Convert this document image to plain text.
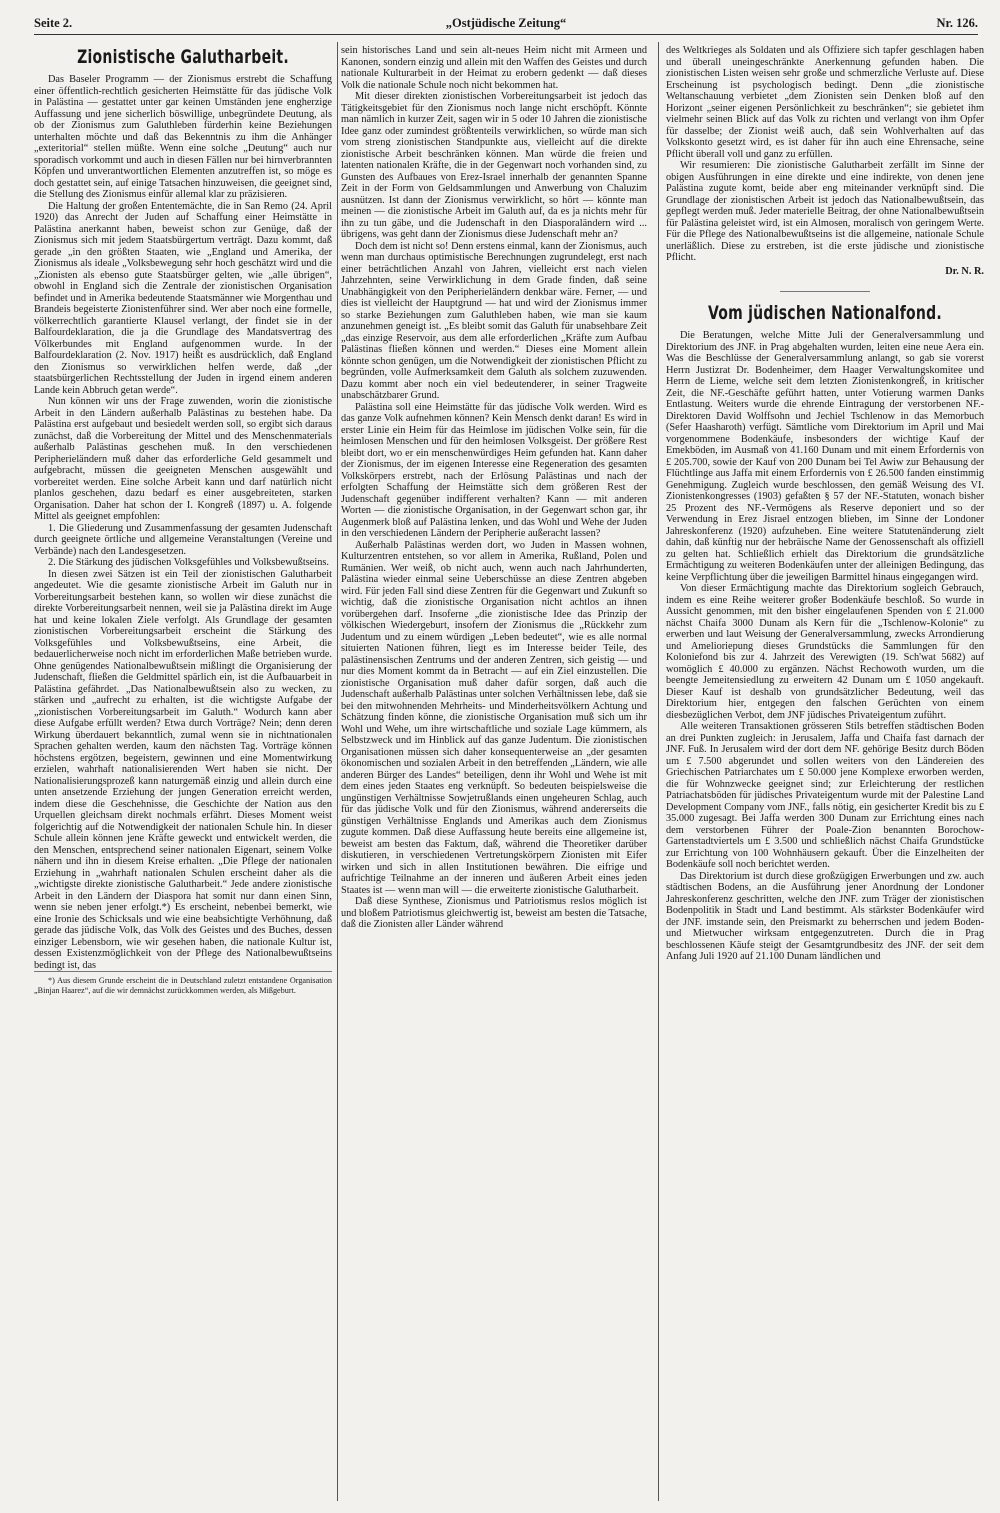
Seite 2.	„Ostjüdische Zeitung“	Nr. 126.
Zionistische Galutharbeit.

Das Baseler Programm — der Zionismus erstrebt die Schaffung einer öffentlich-rechtlich gesicherten Heimstätte für das jüdische Volk in Palästina — gestattet unter gar keinen Umständen jene engherzige Auffassung und jene sicherlich böswillige, unbegründete Deutung, als ob der Zionismus zum Galuthleben fürderhin keine Beziehungen unterhalten möchte und daß das Bekenntnis zu ihm die Anhänger „exteritorial“ stellen müßte. Wenn eine solche „Deutung“ auch nur sporadisch vorkommt und auch in diesen Fällen nur bei hirnverbrannten Köpfen und unverantwortlichen Elementen anzutreffen ist, so möge es doch gestattet sein, auf einige Tatsachen hinzuweisen, die geeignet sind, die Stellung des Zionismus einfür allemal klar zu präzisieren.

Die Haltung der großen Ententemächte, die in San Remo (24. April 1920) das Anrecht der Juden auf Schaffung einer Heimstätte in Palästina anerkannt haben, beweist schon zur Genüge, daß der Zionismus sich mit jedem Staatsbürgertum verträgt. Dazu kommt, daß gerade „in den größten Staaten, wie „England und Amerika, der Zionismus als ideale „Volksbewegung sehr hoch geschätzt wird und die „Zionisten als ebenso gute Staatsbürger gelten, wie „alle übrigen“, obwohl in England sich die Zentrale der zionistischen Organisation befindet und in Amerika bedeutende Staatsmänner wie Morgenthau und Brandeis begeisterte Zionistenführer sind. Wer aber noch eine formelle, völkerrechtlich garantierte Klausel verlangt, der findet sie in der Balfourdeklaration, die ja die Grundlage des Mandatsvertrag des Völkerbundes mit England aufgenommen wurde. In der Balfourdeklaration (2. Nov. 1917) heißt es ausdrücklich, daß England den Zionismus so verwirklichen helfen werde, daß „der staatsbürgerlichen Rechtsstellung der Juden in irgend einem anderen Lande kein Abbruch getan werde“.

Nun können wir uns der Frage zuwenden, worin die zionistische Arbeit in den Ländern außerhalb Palästinas zu bestehen habe. Da Palästina erst aufgebaut und besiedelt werden soll, so ergibt sich daraus zunächst, daß die Vorbereitung der Mittel und des Menschenmaterials außerhalb Palästinas geschehen muß. In den verschiedenen Peripherieländern muß daher das erforderliche Geld gesammelt und aufgebracht, müssen die geeigneten Menschen ausgewählt und vorbereitet werden. Eine solche Arbeit kann und darf natürlich nicht planlos geschehen, dazu bedarf es einer ausgebreiteten, starken Organisation. Daher hat schon der I. Kongreß (1897) u. A. folgende Mittel als geeignet empfohlen:

1. Die Gliederung und Zusammenfassung der gesamten Judenschaft durch geeignete örtliche und allgemeine Veranstaltungen (Vereine und Verbände) nach den Landesgesetzen.

2. Die Stärkung des jüdischen Volksgefühles und Volksbewußtseins.

In diesen zwei Sätzen ist ein Teil der zionistischen Galutharbeit angedeutet. Wie die gesamte zionistische Arbeit im Galuth nur in Vorbereitungsarbeit bestehen kann, so wollen wir diese zunächst die direkte Vorbereitungsarbeit nennen, weil sie ja Palästina direkt im Auge hat und keine lokalen Ziele verfolgt. Als Grundlage der gesamten zionistischen Vorbereitungsarbeit erscheint die Stärkung des Volksgefühles und Volksbewußtseins, eine Arbeit, die bedauerlicherweise noch nicht im erforderlichen Maße betrieben wurde. Ohne genügendes Nationalbewußtsein mißlingt die Organisierung der Judenschaft, fließen die Geldmittel spärlich ein, ist die Aufbauarbeit in Palästina gefährdet. „Das Nationalbewußtsein also zu wecken, zu stärken und „aufrecht zu erhalten, ist die wichtigste Aufgabe der „zionistischen Vorbereitungsarbeit im Galuth.“ Wodurch kann aber diese Aufgabe erfüllt werden? Etwa durch Vorträge? Nein; denn deren Wirkung überdauert bekanntlich, zumal wenn sie in nichtnationalen Sprachen gehalten werden, kaum den nächsten Tag. Vorträge können höchstens ergötzen, begeistern, gewinnen und eine Momentwirkung erzielen, wahrhaft nationalisierenden Wert haben sie nicht. Der Nationalisierungsprozeß kann naturgemäß einzig und allein durch eine unten ansetzende Erziehung der jungen Generation erreicht werden, indem diese die Geschehnisse, die Geschichte der Nation aus den Urquellen gleichsam direkt nochmals erfährt. Dieses Moment weist folgerichtig auf die Notwendigkeit der nationalen Schule hin. In dieser Schule allein können jene Kräfte geweckt und entwickelt werden, die den Menschen, entsprechend seiner nationalen Eigenart, seinem Volke nähern und ihn in diesem Kreise erhalten. „Die Pflege der nationalen Erziehung in „wahrhaft nationalen Schulen erscheint daher als die „wichtigste direkte zionistische Galutharbeit.“ Jede andere zionistische Arbeit in den Ländern der Diaspora hat somit nur dann einen Sinn, wenn sie neben jener erfolgt.*) Es erscheint, nebenbei bemerkt, wie eine Ironie des Schicksals und wie eine beabsichtigte Verhöhnung, daß gerade das jüdische Volk, das Volk des Geistes und des Buches, dessen einziger Lebensborn, wie wir gesehen haben, die nationale Kultur ist, dessen Existenzmöglichkeit von der Pflege des Nationalbewußtseins bedingt ist, das

*) Aus diesem Grunde erscheint die in Deutschland zuletzt entstandene Organisation „Binjan Haarez“, auf die wir demnächst zurückkommen werden, als Mißgeburt.

sein historisches Land und sein alt-neues Heim nicht mit Armeen und Kanonen, sondern einzig und allein mit den Waffen des Geistes und durch nationale Kulturarbeit in der Heimat zu erobern gedenkt — daß dieses Volk die nationale Schule noch nicht bekommen hat.

Mit dieser direkten zionistischen Vorbereitungsarbeit ist jedoch das Tätigkeitsgebiet für den Zionismus noch lange nicht erschöpft. Könnte man nämlich in kurzer Zeit, sagen wir in 5 oder 10 Jahren die zionistische Idee ganz oder zumindest größtenteils verwirklichen, so würde man sich vom streng zionistischen Standpunkte aus, vielleicht auf die direkte zionistische Arbeit beschränken können. Man würde die freien und latenten nationalen Kräfte, die in der Gegenwart noch vorhanden sind, zu Gunsten des Aufbaues von Erez-Israel innerhalb der genannten Spanne Zeit in der Form von Geldsammlungen und Anwerbung von Chaluzim ausnützen. Ist dann der Zionismus verwirklicht, so hört — könnte man meinen — die zionistische Arbeit im Galuth auf, da es ja nichts mehr für ihn zu tun gäbe, und die Judenschaft in den Diasporaländern wird ... übrigens, was geht dann der Zionismus diese Judenschaft mehr an?

Doch dem ist nicht so! Denn erstens einmal, kann der Zionismus, auch wenn man durchaus optimistische Berechnungen zugrundelegt, erst nach einer beträchtlichen Anzahl von Jahren, vielleicht erst nach vielen Jahrzehnten, seine Verwirklichung in dem Grade finden, daß seine Unabhängigkeit von den Peripherieländern denkbar wäre. Ferner, — und dies ist vielleicht der Hauptgrund — hat und wird der Zionismus immer so starke Beziehungen zum Galuthleben haben, wie man sie kaum anzunehmen geneigt ist. „Es bleibt somit das Galuth für unabsehbare Zeit „das einzige Reservoir, aus dem alle erforderlichen „Kräfte zum Aufbau Palästinas fließen können und werden.“ Dieses eine Moment allein könnte schon genügen, um die Notwendigkeit der zionistischen Pflicht zu begründen, volle Aufmerksamkeit dem Galuth als solchem zuzuwenden. Dazu kommt aber noch ein viel bedeutenderer, in seiner Tragweite unabschätzbarer Grund.

Palästina soll eine Heimstätte für das jüdische Volk werden. Wird es das ganze Volk aufnehmen können? Kein Mensch denkt daran! Es wird in erster Linie ein Heim für das Heimlose im jüdischen Volke sein, für die heimlosen Menschen und für den heimlosen Volksgeist. Der größere Rest bleibt dort, wo er ein menschenwürdiges Heim gefunden hat. Kann daher der Zionismus, der im eigenen Interesse eine Regeneration des gesamten Volkskörpers erstrebt, nach der Erlösung Palästinas und nach der erfolgten Schaffung der Heimstätte sich dem größeren Rest der Judenschaft gegenüber indifferent verhalten? Kann — mit anderen Worten — die zionistische Organisation, in der Gegenwart schon gar, ihr Augenmerk bloß auf Palästina lenken, und das Wohl und Wehe der Juden in den verschiedenen Ländern der Peripherie außeracht lassen?

Außerhalb Palästinas werden dort, wo Juden in Massen wohnen, Kulturzentren entstehen, so vor allem in Amerika, Rußland, Polen und Rumänien. Wer weiß, ob nicht auch, wenn auch nach Jahrhunderten, Palästina wieder einmal seine Ueberschüsse an diese Zentren abgeben wird. Für jeden Fall sind diese Zentren für die Gegenwart und Zukunft so wichtig, daß die zionistische Organisation nicht achtlos an ihnen vorübergehen darf. Insoferne „die zionistische Idee das Prinzip der völkischen Wiedergeburt, insofern der Zionismus die „Rückkehr zum Judentum und zu einem würdigen „Leben bedeutet“, wie es alle normal situierten Nationen führen, liegt es im Interesse beider Teile, des palästinensischen Zentrums und der anderen Zentren, sich geistig — und nur dies Moment kommt da in Betracht — auf ein Ziel einzustellen. Die zionistische Organisation muß daher dafür sorgen, daß auch die Judenschaft außerhalb Palästinas unter solchen Verhältnissen lebe, daß sie bei den mitwohnenden Mehrheits- und Minderheitsvölkern Achtung und Schätzung finden könne, die zionistische Organisation muß sich um ihr Wohl und Wehe, um ihre wirtschaftliche und soziale Lage kümmern, als Selbstzweck und im Hinblick auf das ganze Judentum. Die zionistischen Organisationen müssen sich daher konsequenterweise an „der gesamten ökonomischen und sozialen Arbeit in den betreffenden „Ländern, wie alle anderen Bürger des Landes“ beteiligen, denn ihr Wohl und Wehe ist mit dem eines jeden Staates eng verknüpft. So bedeuten beispielsweise die ungünstigen Verhältnisse Sowjetrußlands einen ungeheuren Schlag, auch für das jüdische Volk und für den Zionismus, während andererseits die günstigen Verhältnisse Englands und Amerikas auch dem Zionismus zugute kommen. Daß diese Auffassung heute bereits eine allgemeine ist, beweist am besten das Faktum, daß, während die Theoretiker darüber diskutieren, in verschiedenen Vertretungskörpern Zionisten mit Eifer wirken und sich in allen Institutionen bewähren. Die eifrige und aufrichtige Teilnahme an der inneren und äußeren Arbeit eines jeden Staates ist — wenn man will — die erweiterte zionistische Galutharbeit.

Daß diese Synthese, Zionismus und Patriotismus reslos möglich ist und bloßem Patriotismus gleichwertig ist, beweist am besten die Tatsache, daß die Zionisten aller Länder während

des Weltkrieges als Soldaten und als Offiziere sich tapfer geschlagen haben und überall uneingeschränkte Anerkennung gefunden haben. Die zionistischen Listen weisen sehr große und schmerzliche Verluste auf. Diese Erscheinung ist psychologisch bedingt. Denn „die zionistische Weltanschauung verbietet „dem Zionisten sein Denken bloß auf den Horizont „seiner eigenen Persönlichkeit zu beschränken“; sie gebietet ihm vielmehr seinen Blick auf das Volk zu richten und verlangt von ihm Opfer für dasselbe; der Zionist weiß auch, daß sein Wohlverhalten auf das Volkskonto gesetzt wird, es ist daher für ihn auch eine Ehrensache, seine Pflicht überall voll und ganz zu erfüllen.

Wir resumieren: Die zionistische Galutharbeit zerfällt im Sinne der obigen Ausführungen in eine direkte und eine indirekte, von denen jene Palästina zugute komt, beide aber eng miteinander verknüpft sind. Die Grundlage der zionistischen Arbeit ist jedoch das Nationalbewußtsein, das gepflegt werden muß. Jeder materielle Beitrag, der ohne Nationalbewußtsein für Palästina geleistet wird, ist ein Almosen, moralisch von geringem Werte. Für die Pflege des Nationalbewußtseins ist die allgemeine, nationale Schule unerläßlich. Diese zu erstreben, ist die erste jüdische und zionistische Pflicht.

Dr. N. R.
Vom jüdischen Nationalfond.

Die Beratungen, welche Mitte Juli der Generalversammlung und Direktorium des JNF. in Prag abgehalten wurden, leiten eine neue Aera ein. Was die Beschlüsse der Generalversammlung anlangt, so gab sie vorerst Herrn Justizrat Dr. Bodenheimer, dem Haager Verwaltungskomitee und Herrn de Lieme, welche seit dem letzten Zionistenkongreß, in kritischer Zeit, die NF.-Geschäfte geführt hatten, unter Votierung warmen Danks Entlastung. Weiters wurde die ehrende Eintragung der verstorbenen NF.-Direktoren David Wolffsohn und Jechiel Tschlenow in das Memorbuch (Sefer Haasharoth) verfügt. Sämtliche vom Direktorium im April und Mai vorgenommene Bodenkäufe, insbesonders der wichtige Kauf der Emekböden, im Ausmaß von 41.160 Dunam und mit einem Erfordernis von £ 205.700, sowie der Kauf von 200 Dunam bei Tel Awiw zur Behausung der Flüchtlinge aus Jaffa mit einem Erfordernis von £ 26.500 fanden einstimmig Genehmigung. Zugleich wurde beschlossen, den gemäß Weisung des VI. Zionistenkongresses (1903) gefaßten § 57 der NF.-Statuten, wonach bisher 25 Prozent des NF.-Vermögens als Reserve deponiert und so der Verwendung in Erez Jisrael entzogen blieben, im Sinne der Londoner Jahreskonferenz (1920) aufzuheben. Eine weitere Statutenänderung zielt dahin, daß künftig nur der hebräische Name der Genossenschaft als offiziell zu gelten hat. Schließlich erhielt das Direktorium die grundsätzliche Ermächtigung zu weiteren Bodenkäufen unter der alleinigen Bedingung, das keine Verpflichtung über die jeweiligen Barmittel hinaus eingegangen wird.

Von dieser Ermächtigung machte das Direktorium sogleich Gebrauch, indem es eine Reihe weiterer großer Bodenkäufe beschloß. So wurde in Aussicht genommen, mit den bisher eingelaufenen Spenden von £ 21.000 nächst Chaifa 3000 Dunam als Kern für die „Tschlenow-Kolonie“ zu erwerben und laut Weisung der Generalversammlung, zwecks Arrondierung und Amelioriерung dieses Grundstücks die Sammlungen für den Koloniefond bis zur 4. Jahrzeit des Verewigten (19. Sch'wat 5682) auf womöglich £ 40.000 zu ergänzen. Nächst Rechowoth wurden, um die beengte Jemeitensiedlung zu erweitern 42 Dunam um £ 1050 angekauft. Dieser Kauf ist deshalb von grundsätzlicher Bedeutung, weil das Direktorium hier, entgegen den falschen Gerüchten von einem diesbezüglichen Verbot, dem JNF jüdisches Privateigentum zuführt.

Alle weiteren Transaktionen grösseren Stils betreffen städtischen Boden an drei Punkten zugleich: in Jerusalem, Jaffa und Chaifa fast darnach der JNF. Fuß. In Jerusalem wird der dort dem NF. gehörige Besitz durch Böden um £ 7.500 abgerundet und sollen weiters von den Ländereien des Griechischen Patriarchates um £ 50.000 jene Komplexe erworben werden, die für Wohnzwecke geeignet sind; zur Erleichterung der restlichen Patriachatsböden für jüdisches Privateigentum wurde mit der Palestine Land Development Company vom JNF., falls nötig, ein gesicherter Kredit bis zu £ 35.000 zugesagt. Bei Jaffa werden 300 Dunam zur Errichtung eines nach dem verstorbenen Führer der Poale-Zion benannten Borochow-Gartenstadtviertels um £ 3.500 und schließlich nächst Chaifa Grundstücke zur Errichtung von 100 Wohnhäusern gekauft. Über die Einzelheiten der Bodenkäufe soll noch berichtet werden.

Das Direktorium ist durch diese großzügigen Erwerbungen und zw. auch städtischen Bodens, an die Ausführung jener Anordnung der Londoner Jahreskonferenz geschritten, welche den JNF. zum Träger der zionistischen Bodenpolitik in Stadt und Land bestimmt. Als stärkster Bodenkäufer wird der JNF. imstande sein, den Preismarkt zu beherrschen und jedem Boden- und Mietwucher wirksam entgegenzutreten. Durch die in Prag beschlossenen Käufe steigt der Gesamtgrundbesitz des JNF. der seit dem Anfang Juli 1920 auf 21.100 Dunam ländlichen und
